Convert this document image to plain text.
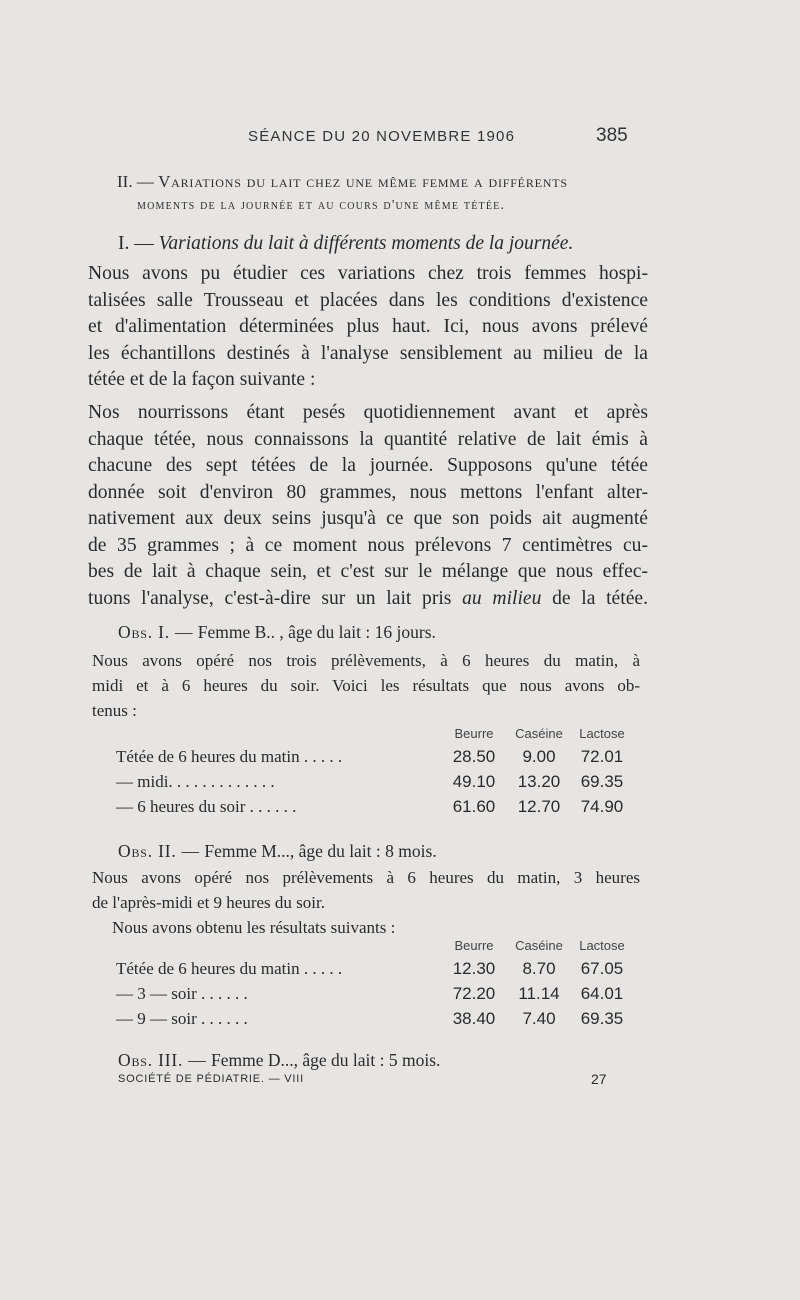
SÉANCE DU 20 NOVEMBRE 1906	385
II. — Variations du lait chez une même femme a différents
moments de la journée et au cours d'une même tétée.
I. — Variations du lait à différents moments de la journée.
Nous avons pu étudier ces variations chez trois femmes hospi-
talisées salle Trousseau et placées dans les conditions d'existence
et d'alimentation déterminées plus haut. Ici, nous avons prélevé
les échantillons destinés à l'analyse sensiblement au milieu de la
tétée et de la façon suivante :
Nos nourrissons étant pesés quotidiennement avant et après
chaque tétée, nous connaissons la quantité relative de lait émis à
chacune des sept tétées de la journée. Supposons qu'une tétée
donnée soit d'environ 80 grammes, nous mettons l'enfant alter-
nativement aux deux seins jusqu'à ce que son poids ait augmenté
de 35 grammes ; à ce moment nous prélevons 7 centimètres cu-
bes de lait à chaque sein, et c'est sur le mélange que nous effec-
tuons l'analyse, c'est-à-dire sur un lait pris au milieu de la tétée.
Obs. I. — Femme B.. , âge du lait : 16 jours.
Nous avons opéré nos trois prélèvements, à 6 heures du matin, à
midi et à 6 heures du soir. Voici les résultats que nous avons ob-
tenus :
	Beurre	Caséine	Lactose
Tétée de 6 heures du matin . . . . .	28.50	9.00	72.01
— midi. . . . . . . . . . . . .	49.10	13.20	69.35
— 6 heures du soir . . . . . .	61.60	12.70	74.90
Obs. II. — Femme M..., âge du lait : 8 mois.
Nous avons opéré nos prélèvements à 6 heures du matin, 3 heures
de l'après-midi et 9 heures du soir.
Nous avons obtenu les résultats suivants :
	Beurre	Caséine	Lactose
Tétée de 6 heures du matin . . . . .	12.30	8.70	67.05
— 3 — soir . . . . . .	72.20	11.14	64.01
— 9 — soir . . . . . .	38.40	7.40	69.35
Obs. III. — Femme D..., âge du lait : 5 mois.
SOCIÉTÉ DE PÉDIATRIE. — VIII	27
